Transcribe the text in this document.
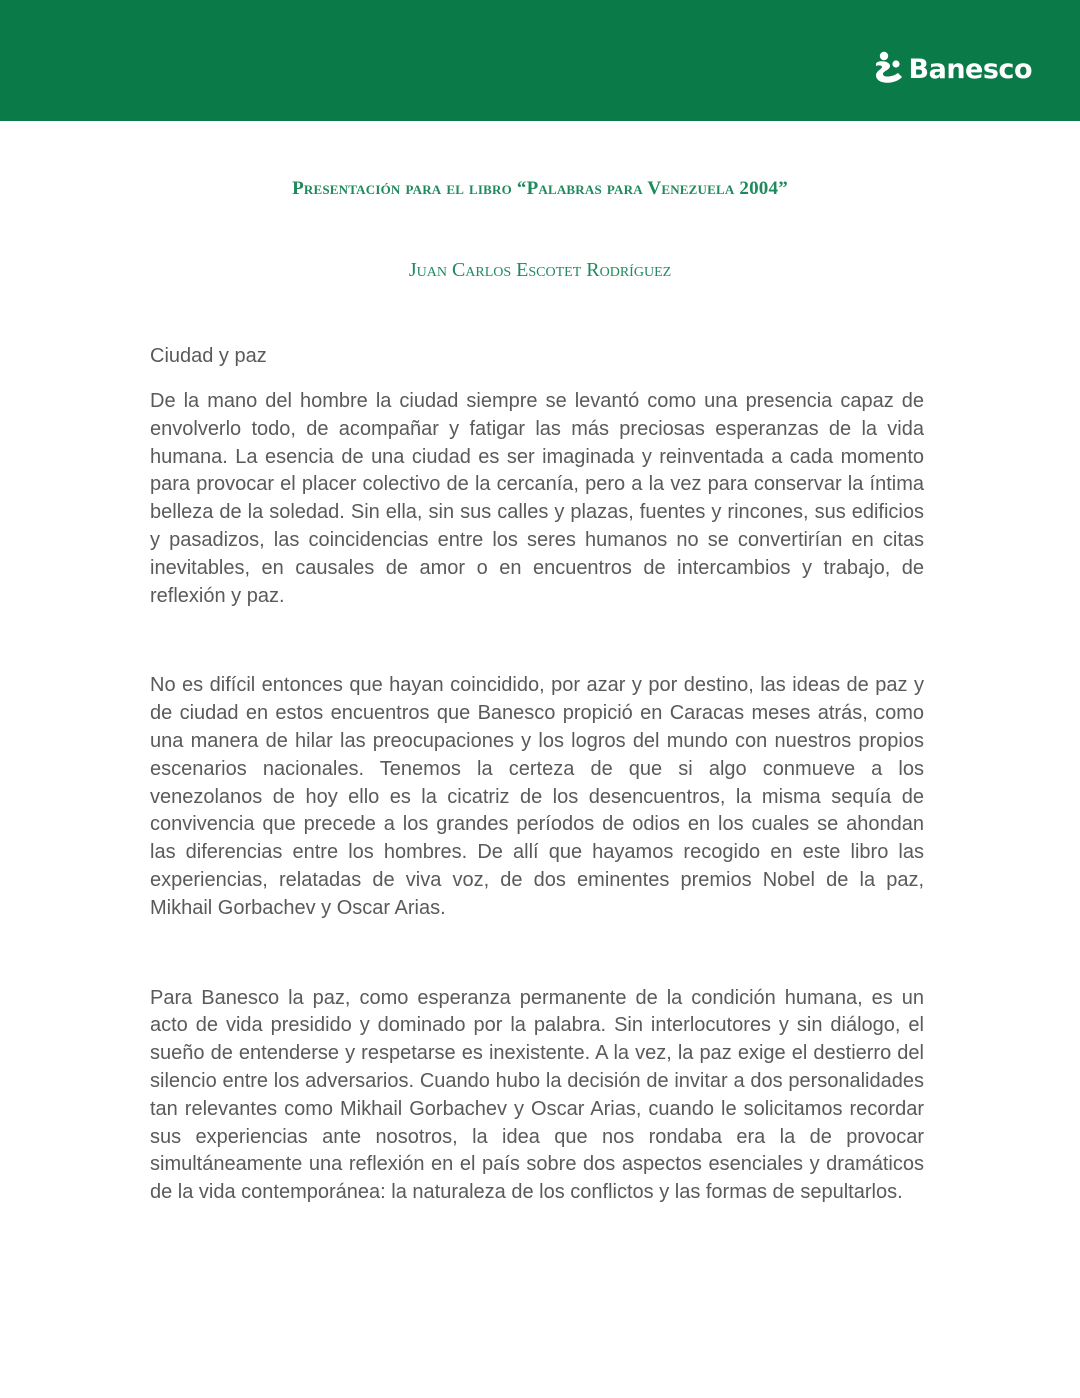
Banesco
Presentación para el libro “Palabras para Venezuela 2004”
Juan Carlos Escotet Rodríguez

Ciudad y paz

De la mano del hombre la ciudad siempre se levantó como una presencia capaz de envolverlo todo, de acompañar y fatigar las más preciosas esperanzas de la vida humana. La esencia de una ciudad es ser imaginada y reinventada a cada momento para provocar el placer colectivo de la cercanía, pero a la vez para conservar la íntima belleza de la soledad. Sin ella, sin sus calles y plazas, fuentes y rincones, sus edificios y pasadizos, las coincidencias entre los seres humanos no se convertirían en citas inevitables, en causales de amor o en encuentros de intercambios y trabajo, de reflexión y paz.

No es difícil entonces que hayan coincidido, por azar y por destino, las ideas de paz y de ciudad en estos encuentros que Banesco propició en Caracas meses atrás, como una manera de hilar las preocupaciones y los logros del mundo con nuestros propios escenarios nacionales. Tenemos la certeza de que si algo conmueve a los venezolanos de hoy ello es la cicatriz de los desencuentros, la misma sequía de convivencia que precede a los grandes períodos de odios en los cuales se ahondan las diferencias entre los hombres. De allí que hayamos recogido en este libro las experiencias, relatadas de viva voz, de dos eminentes premios Nobel de la paz, Mikhail Gorbachev y Oscar Arias.

Para Banesco la paz, como esperanza permanente de la condición humana, es un acto de vida presidido y dominado por la palabra. Sin interlocutores y sin diálogo, el sueño de entenderse y respetarse es inexistente. A la vez, la paz exige el destierro del silencio entre los adversarios. Cuando hubo la decisión de invitar a dos personalidades tan relevantes como Mikhail Gorbachev y Oscar Arias, cuando le solicitamos recordar sus experiencias ante nosotros, la idea que nos rondaba era la de provocar simultáneamente una reflexión en el país sobre dos aspectos esenciales y dramáticos de la vida contemporánea: la naturaleza de los conflictos y las formas de sepultarlos.
